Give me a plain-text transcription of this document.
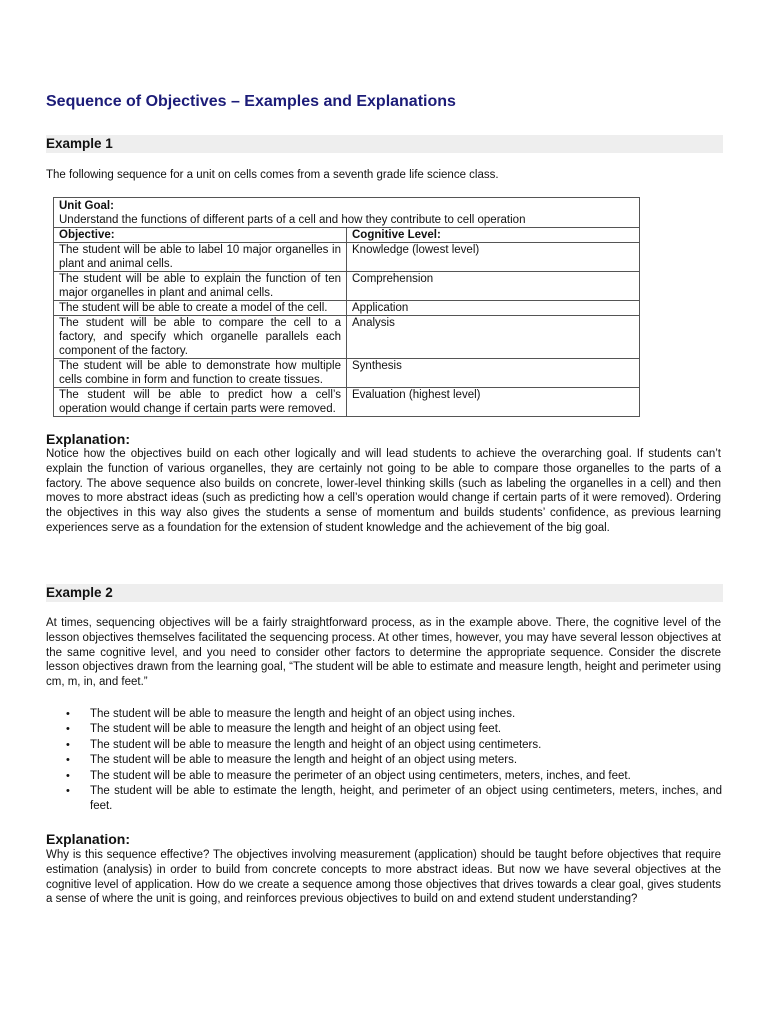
Sequence of Objectives – Examples and Explanations
Example 1

The following sequence for a unit on cells comes from a seventh grade life science class.

Unit Goal:
Understand the functions of different parts of a cell and how they contribute to cell operation	

Objective:	Cognitive Level:
The student will be able to label 10 major organelles in plant and animal cells.	Knowledge (lowest level)
The student will be able to explain the function of ten major organelles in plant and animal cells.	Comprehension
The student will be able to create a model of the cell.	Application
The student will be able to compare the cell to a factory, and specify which organelle parallels each component of the factory.	Analysis
The student will be able to demonstrate how multiple cells combine in form and function to create tissues.	Synthesis
The student will be able to predict how a cell’s operation would change if certain parts were removed.	Evaluation (highest level)
Explanation:

Notice how the objectives build on each other logically and will lead students to achieve the overarching goal. If students can’t explain the function of various organelles, they are certainly not going to be able to compare those organelles to the parts of a factory. The above sequence also builds on concrete, lower-level thinking skills (such as labeling the organelles in a cell) and then moves to more abstract ideas (such as predicting how a cell’s operation would change if certain parts of it were removed). Ordering the objectives in this way also gives the students a sense of momentum and builds students’ confidence, as previous learning experiences serve as a foundation for the extension of student knowledge and the achievement of the big goal.

Example 2

At times, sequencing objectives will be a fairly straightforward process, as in the example above. There, the cognitive level of the lesson objectives themselves facilitated the sequencing process. At other times, however, you may have several lesson objectives at the same cognitive level, and you need to consider other factors to determine the appropriate sequence. Consider the discrete lesson objectives drawn from the learning goal, “The student will be able to estimate and measure length, height and perimeter using cm, m, in, and feet.”

• The student will be able to measure the length and height of an object using inches.
• The student will be able to measure the length and height of an object using feet.
• The student will be able to measure the length and height of an object using centimeters.
• The student will be able to measure the length and height of an object using meters.
• The student will be able to measure the perimeter of an object using centimeters, meters, inches, and feet.
• The student will be able to estimate the length, height, and perimeter of an object using centimeters, meters, inches, and feet.
Explanation:

Why is this sequence effective? The objectives involving measurement (application) should be taught before objectives that require estimation (analysis) in order to build from concrete concepts to more abstract ideas. But now we have several objectives at the cognitive level of application. How do we create a sequence among those objectives that drives towards a clear goal, gives students a sense of where the unit is going, and reinforces previous objectives to build on and extend student understanding?
